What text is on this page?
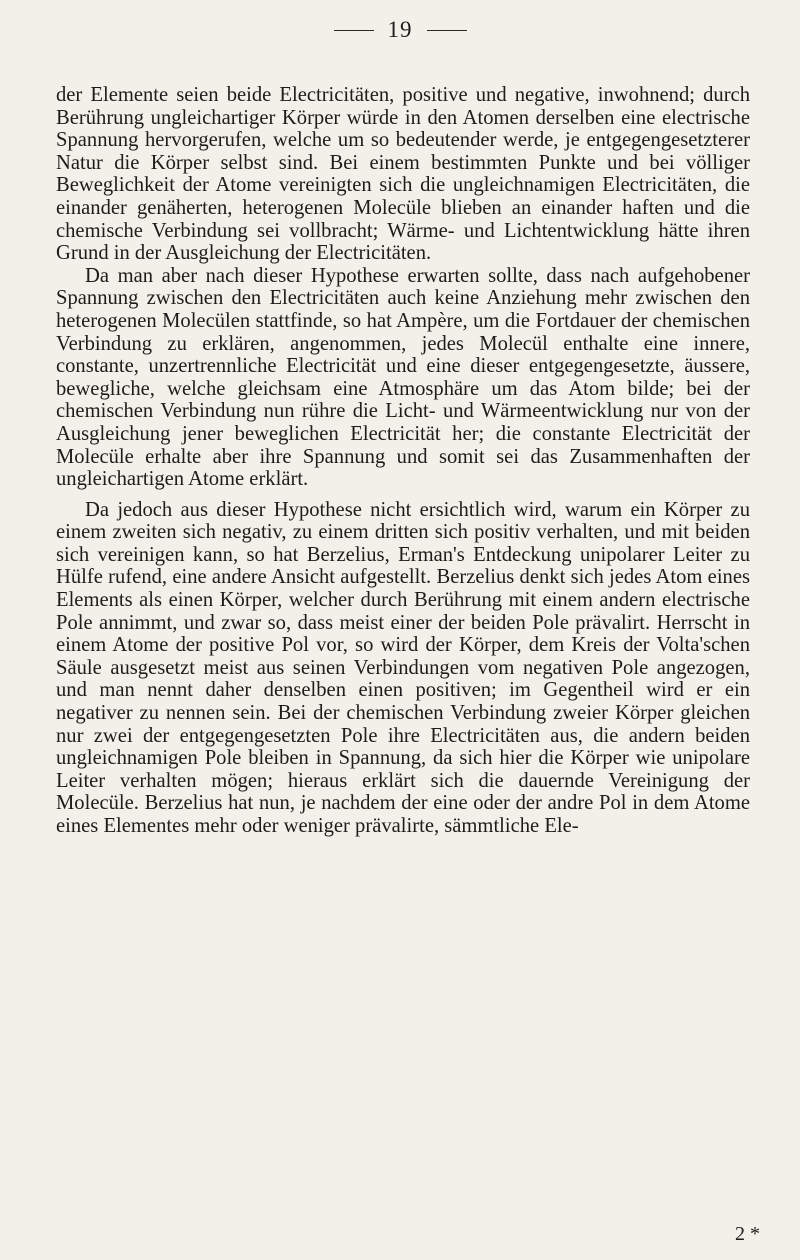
19

der Elemente seien beide Electricitäten, positive und negative, inwohnend; durch Berührung ungleichartiger Körper würde in den Atomen derselben eine electrische Spannung hervorgerufen, welche um so bedeutender werde, je entgegengesetzterer Natur die Körper selbst sind. Bei einem bestimmten Punkte und bei völliger Beweglichkeit der Atome vereinigten sich die ungleichnamigen Electricitäten, die einander genäherten, heterogenen Molecüle blieben an einander haften und die chemische Verbindung sei vollbracht; Wärme- und Lichtentwicklung hätte ihren Grund in der Ausgleichung der Electricitäten.

Da man aber nach dieser Hypothese erwarten sollte, dass nach aufgehobener Spannung zwischen den Electricitäten auch keine Anziehung mehr zwischen den heterogenen Molecülen stattfinde, so hat Ampère, um die Fortdauer der chemischen Verbindung zu erklären, angenommen, jedes Molecül enthalte eine innere, constante, unzertrennliche Electricität und eine dieser entgegengesetzte, äussere, bewegliche, welche gleichsam eine Atmosphäre um das Atom bilde; bei der chemischen Verbindung nun rühre die Licht- und Wärmeentwicklung nur von der Ausgleichung jener beweglichen Electricität her; die constante Electricität der Molecüle erhalte aber ihre Spannung und somit sei das Zusammenhaften der ungleichartigen Atome erklärt.

Da jedoch aus dieser Hypothese nicht ersichtlich wird, warum ein Körper zu einem zweiten sich negativ, zu einem dritten sich positiv verhalten, und mit beiden sich vereinigen kann, so hat Berzelius, Erman's Entdeckung unipolarer Leiter zu Hülfe rufend, eine andere Ansicht aufgestellt. Berzelius denkt sich jedes Atom eines Elements als einen Körper, welcher durch Berührung mit einem andern electrische Pole annimmt, und zwar so, dass meist einer der beiden Pole prävalirt. Herrscht in einem Atome der positive Pol vor, so wird der Körper, dem Kreis der Volta'schen Säule ausgesetzt meist aus seinen Verbindungen vom negativen Pole angezogen, und man nennt daher denselben einen positiven; im Gegentheil wird er ein negativer zu nennen sein. Bei der chemischen Verbindung zweier Körper gleichen nur zwei der entgegengesetzten Pole ihre Electricitäten aus, die andern beiden ungleichnamigen Pole bleiben in Spannung, da sich hier die Körper wie unipolare Leiter verhalten mögen; hieraus erklärt sich die dauernde Vereinigung der Molecüle. Berzelius hat nun, je nachdem der eine oder der andre Pol in dem Atome eines Elementes mehr oder weniger prävalirte, sämmtliche Ele-

2 *
